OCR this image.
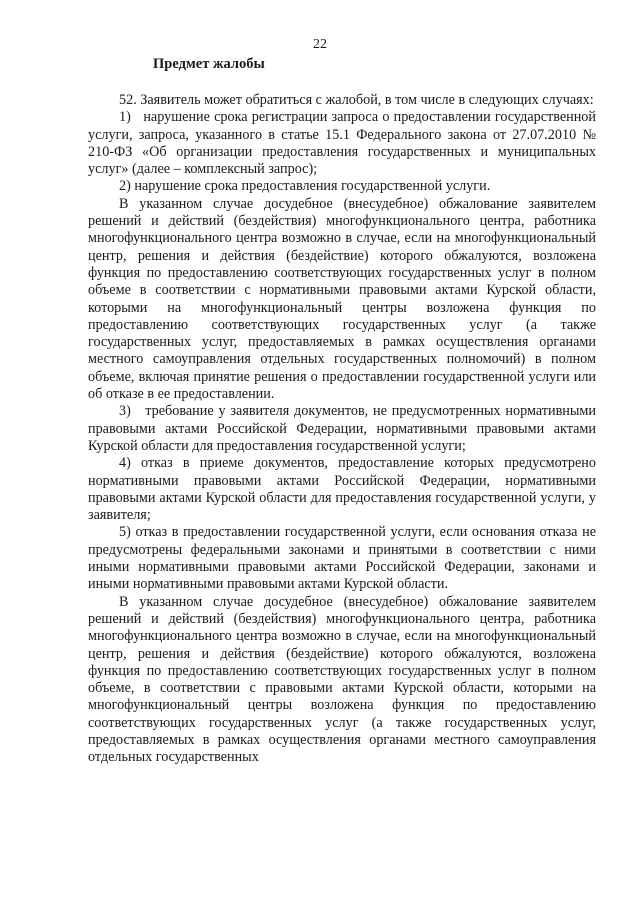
22
Предмет жалобы

52. Заявитель может обратиться с жалобой, в том числе в следующих случаях:

1)   нарушение срока регистрации запроса о предоставлении государственной услуги, запроса, указанного в статье 15.1 Федерального закона от 27.07.2010 № 210-ФЗ «Об организации предоставления государственных и муниципальных услуг» (далее – комплексный запрос);

2) нарушение срока предоставления государственной услуги.

В указанном случае досудебное (внесудебное) обжалование заявителем решений и действий (бездействия) многофункционального центра, работника многофункционального центра возможно в случае, если на многофункциональный центр, решения и действия (бездействие) которого обжалуются, возложена функция по предоставлению соответствующих государственных услуг в полном объеме в соответствии с нормативными правовыми актами Курской области, которыми на многофункциональный центры возложена функция по предоставлению соответствующих государственных услуг (а также государственных услуг, предоставляемых в рамках осуществления органами местного самоуправления отдельных государственных полномочий) в полном объеме, включая принятие решения о предоставлении государственной услуги или об отказе в ее предоставлении.

3)   требование у заявителя документов, не предусмотренных нормативными правовыми актами Российской Федерации, нормативными правовыми актами Курской области для предоставления государственной услуги;

4) отказ в приеме документов, предоставление которых предусмотрено нормативными правовыми актами Российской Федерации, нормативными правовыми актами Курской области для предоставления государственной услуги, у заявителя;

5) отказ в предоставлении государственной услуги, если основания отказа не предусмотрены федеральными законами и принятыми в соответствии с ними иными нормативными правовыми актами Российской Федерации, законами и иными нормативными правовыми актами Курской области.

В указанном случае досудебное (внесудебное) обжалование заявителем решений и действий (бездействия) многофункционального центра, работника многофункционального центра возможно в случае, если на многофункциональный центр, решения и действия (бездействие) которого обжалуются, возложена функция по предоставлению соответствующих государственных услуг в полном объеме, в соответствии с правовыми актами Курской области, которыми на многофункциональный центры возложена функция по предоставлению соответствующих государственных услуг (а также государственных услуг, предоставляемых в рамках осуществления органами местного самоуправления отдельных государственных
